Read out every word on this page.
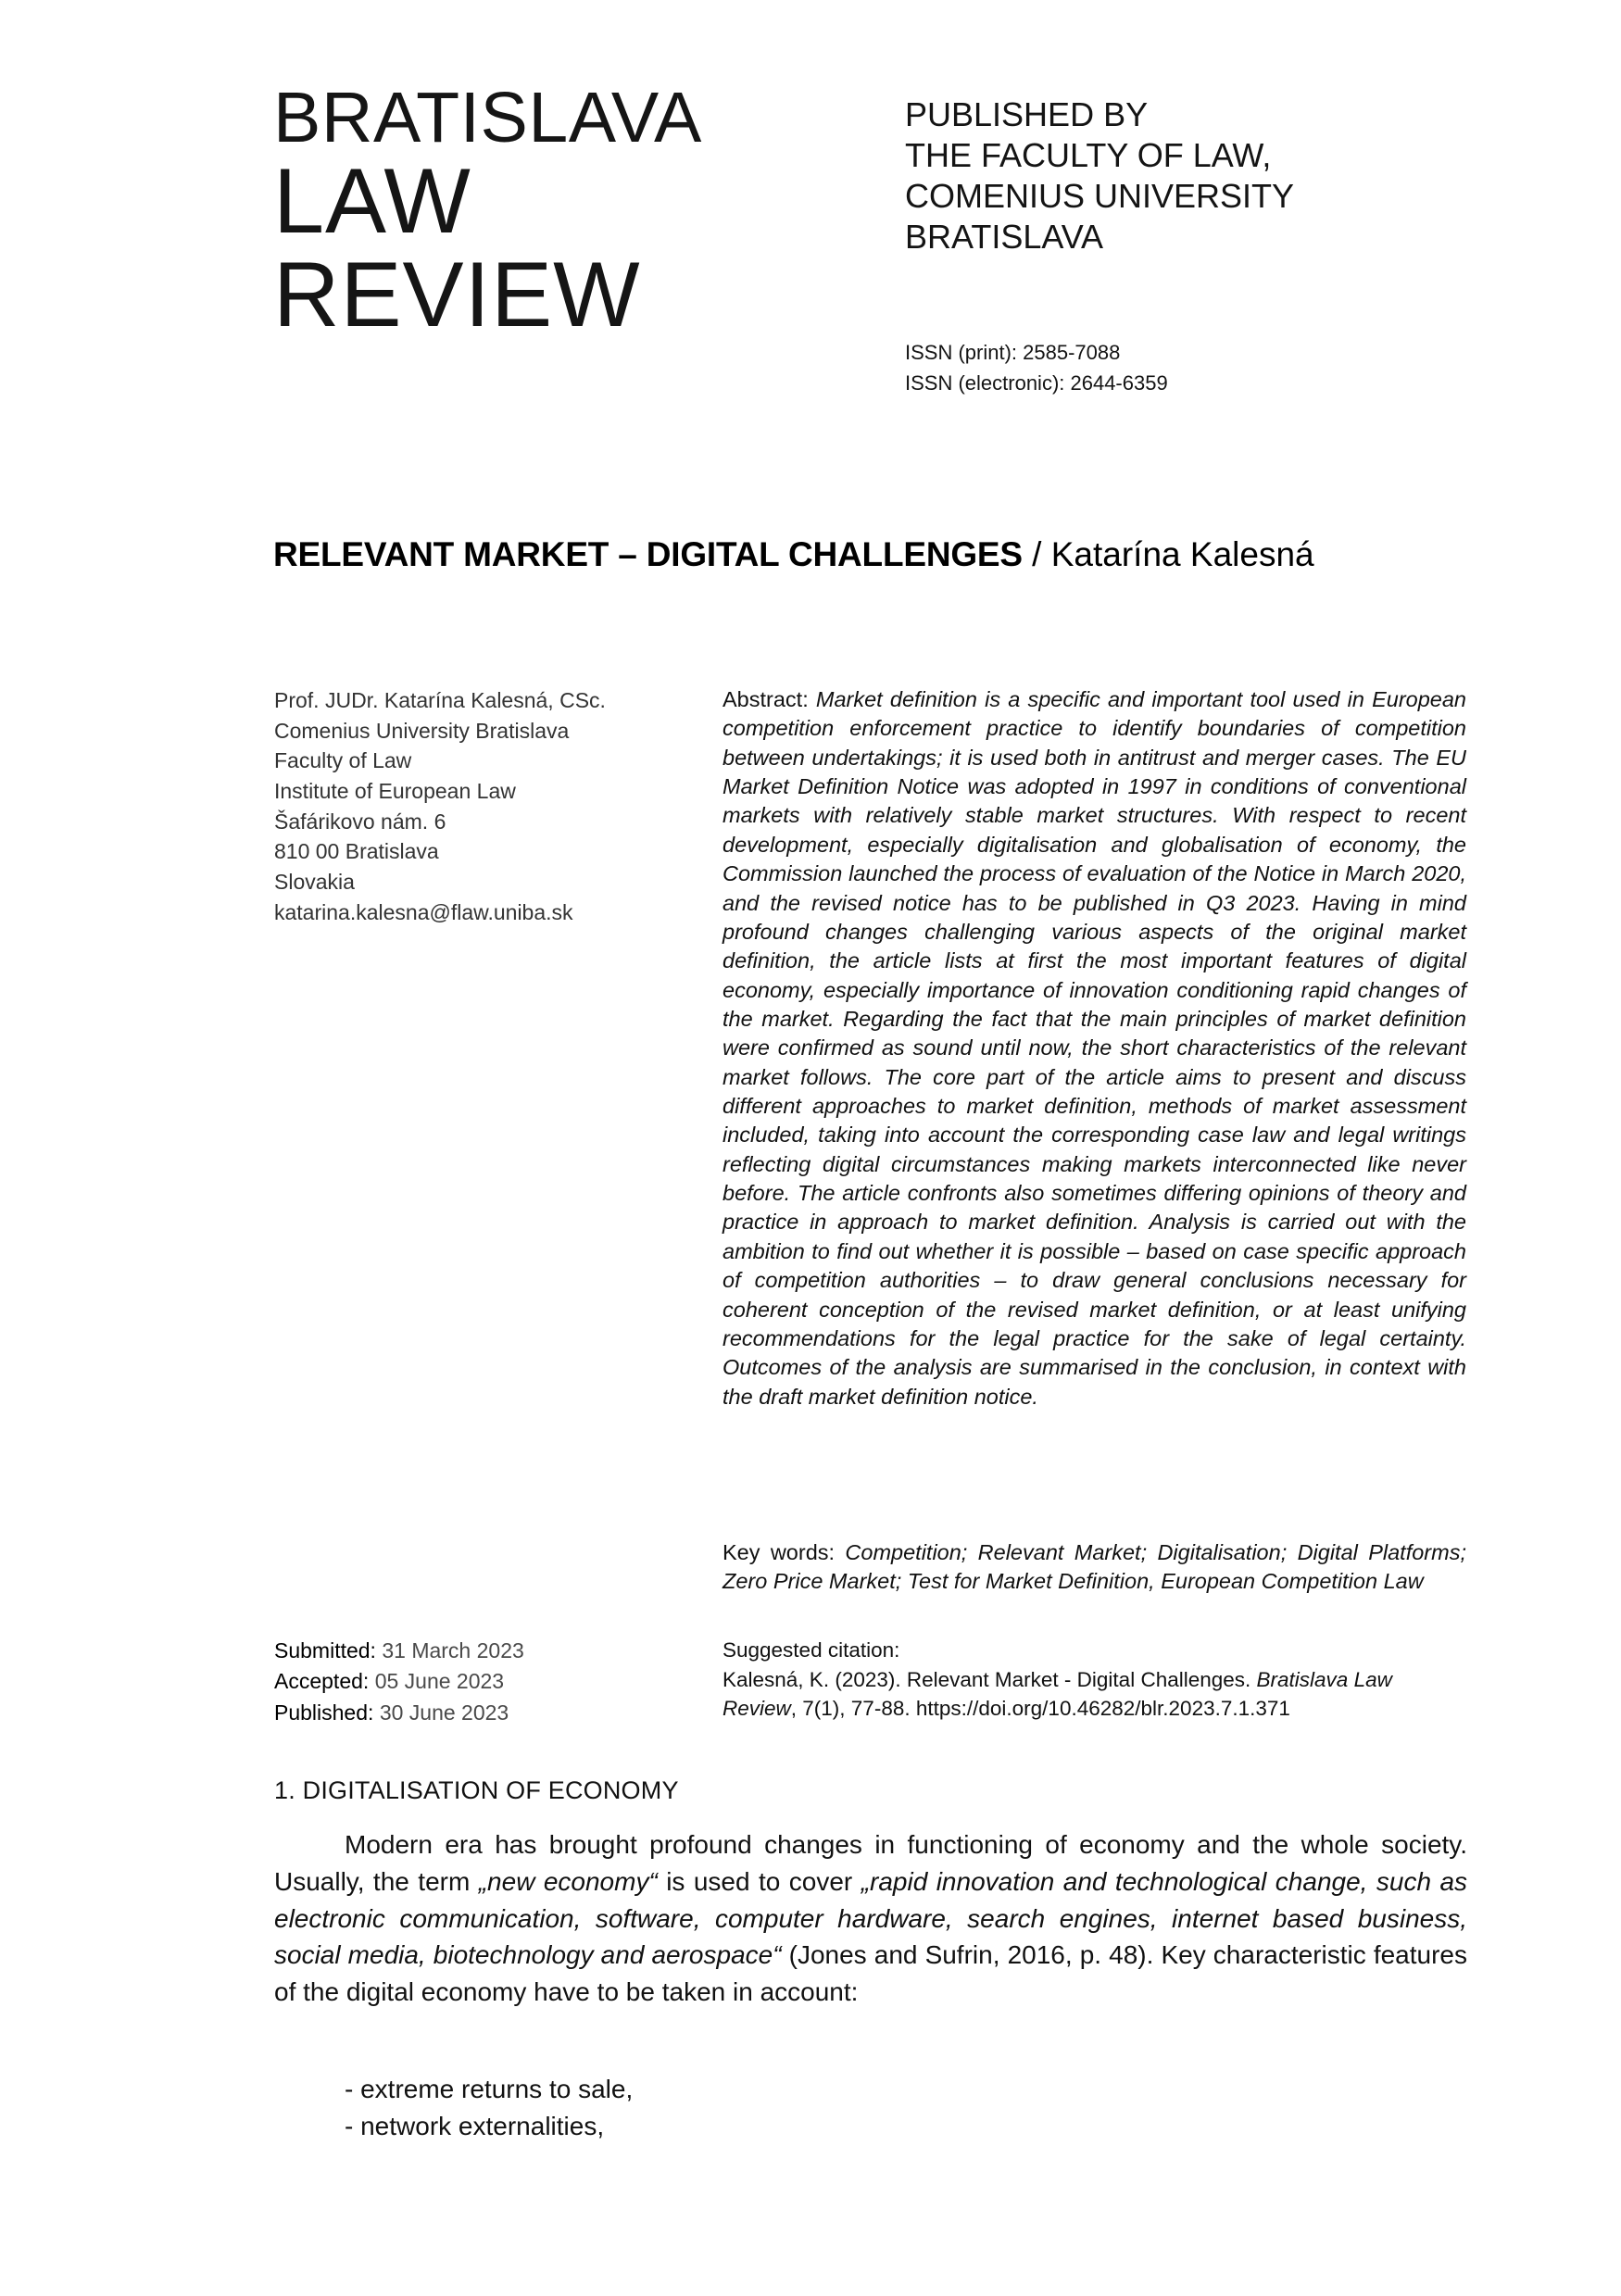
BRATISLAVA
LAW
REVIEW
PUBLISHED BY
THE FACULTY OF LAW,
COMENIUS UNIVERSITY
BRATISLAVA
ISSN (print): 2585-7088
ISSN (electronic): 2644-6359
RELEVANT MARKET – DIGITAL CHALLENGES / Katarína Kalesná
Prof. JUDr. Katarína Kalesná, CSc.
Comenius University Bratislava
Faculty of Law
Institute of European Law
Šafárikovo nám. 6
810 00 Bratislava
Slovakia
katarina.kalesna@flaw.uniba.sk
Submitted: 31 March 2023
Accepted: 05 June 2023
Published: 30 June 2023
Abstract: Market definition is a specific and important tool used in European competition enforcement practice to identify boundaries of competition between undertakings; it is used both in antitrust and merger cases. The EU Market Definition Notice was adopted in 1997 in conditions of conventional markets with relatively stable market structures. With respect to recent development, especially digitalisation and globalisation of economy, the Commission launched the process of evaluation of the Notice in March 2020, and the revised notice has to be published in Q3 2023. Having in mind profound changes challenging various aspects of the original market definition, the article lists at first the most important features of digital economy, especially importance of innovation conditioning rapid changes of the market. Regarding the fact that the main principles of market definition were confirmed as sound until now, the short characteristics of the relevant market follows. The core part of the article aims to present and discuss different approaches to market definition, methods of market assessment included, taking into account the corresponding case law and legal writings reflecting digital circumstances making markets interconnected like never before. The article confronts also sometimes differing opinions of theory and practice in approach to market definition. Analysis is carried out with the ambition to find out whether it is possible – based on case specific approach of competition authorities – to draw general conclusions necessary for coherent conception of the revised market definition, or at least unifying recommendations for the legal practice for the sake of legal certainty. Outcomes of the analysis are summarised in the conclusion, in context with the draft market definition notice.
Key words: Competition; Relevant Market; Digitalisation; Digital Platforms; Zero Price Market; Test for Market Definition, European Competition Law
Suggested citation:
Kalesná, K. (2023). Relevant Market - Digital Challenges. Bratislava Law Review, 7(1), 77-88. https://doi.org/10.46282/blr.2023.7.1.371
1. DIGITALISATION OF ECONOMY

Modern era has brought profound changes in functioning of economy and the whole society. Usually, the term „new economy“ is used to cover „rapid innovation and technological change, such as electronic communication, software, computer hardware, search engines, internet based business, social media, biotechnology and aerospace“ (Jones and Sufrin, 2016, p. 48). Key characteristic features of the digital economy have to be taken in account:

- extreme returns to sale,
- network externalities,
